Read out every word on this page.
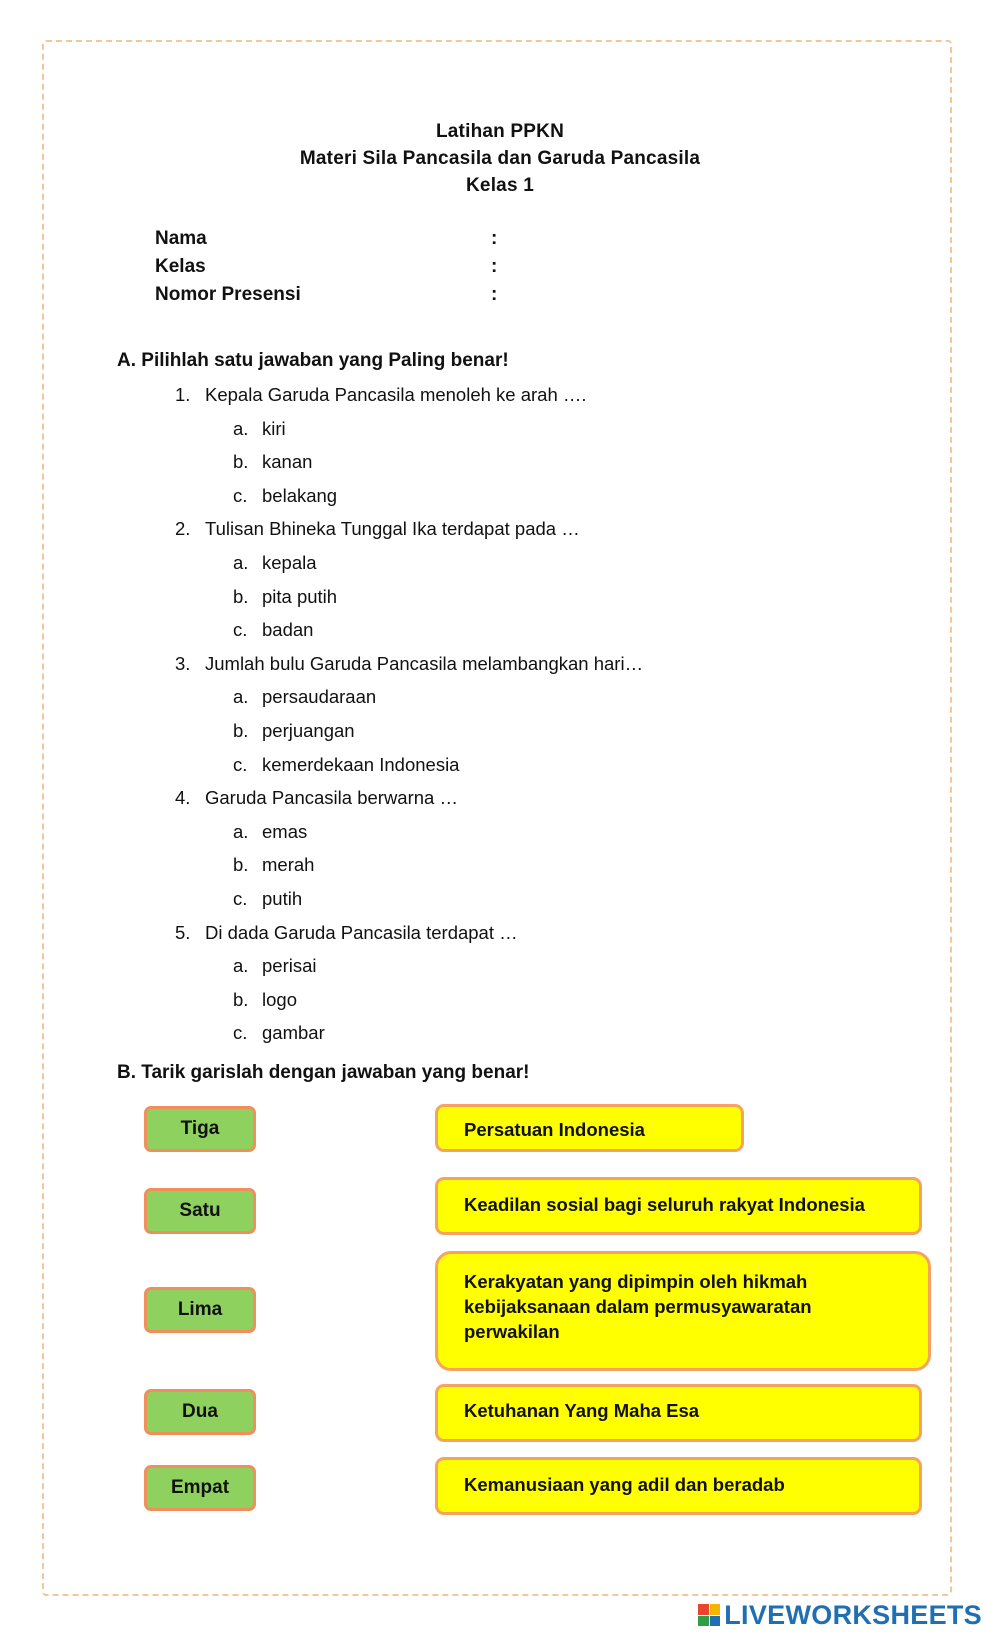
Latihan PPKN
Materi Sila Pancasila dan Garuda Pancasila
Kelas 1
Nama	:
Kelas	:
Nomor Presensi	:
A. Pilihlah satu jawaban yang Paling benar!
1. Kepala Garuda Pancasila menoleh ke arah ….
a. kiri
b. kanan
c. belakang
2. Tulisan Bhineka Tunggal Ika terdapat pada …
a. kepala
b. pita putih
c. badan
3. Jumlah bulu Garuda Pancasila melambangkan hari…
a. persaudaraan
b. perjuangan
c. kemerdekaan Indonesia
4. Garuda Pancasila berwarna …
a. emas
b. merah
c. putih
5. Di dada Garuda Pancasila terdapat …
a. perisai
b. logo
c. gambar
B. Tarik garislah dengan jawaban yang benar!
Tiga
Satu
Lima
Dua
Empat
Persatuan Indonesia
Keadilan sosial bagi seluruh rakyat Indonesia
Kerakyatan yang dipimpin oleh hikmah kebijaksanaan dalam permusyawaratan perwakilan
Ketuhanan Yang Maha Esa
Kemanusiaan yang adil dan beradab
LIVEWORKSHEETS
